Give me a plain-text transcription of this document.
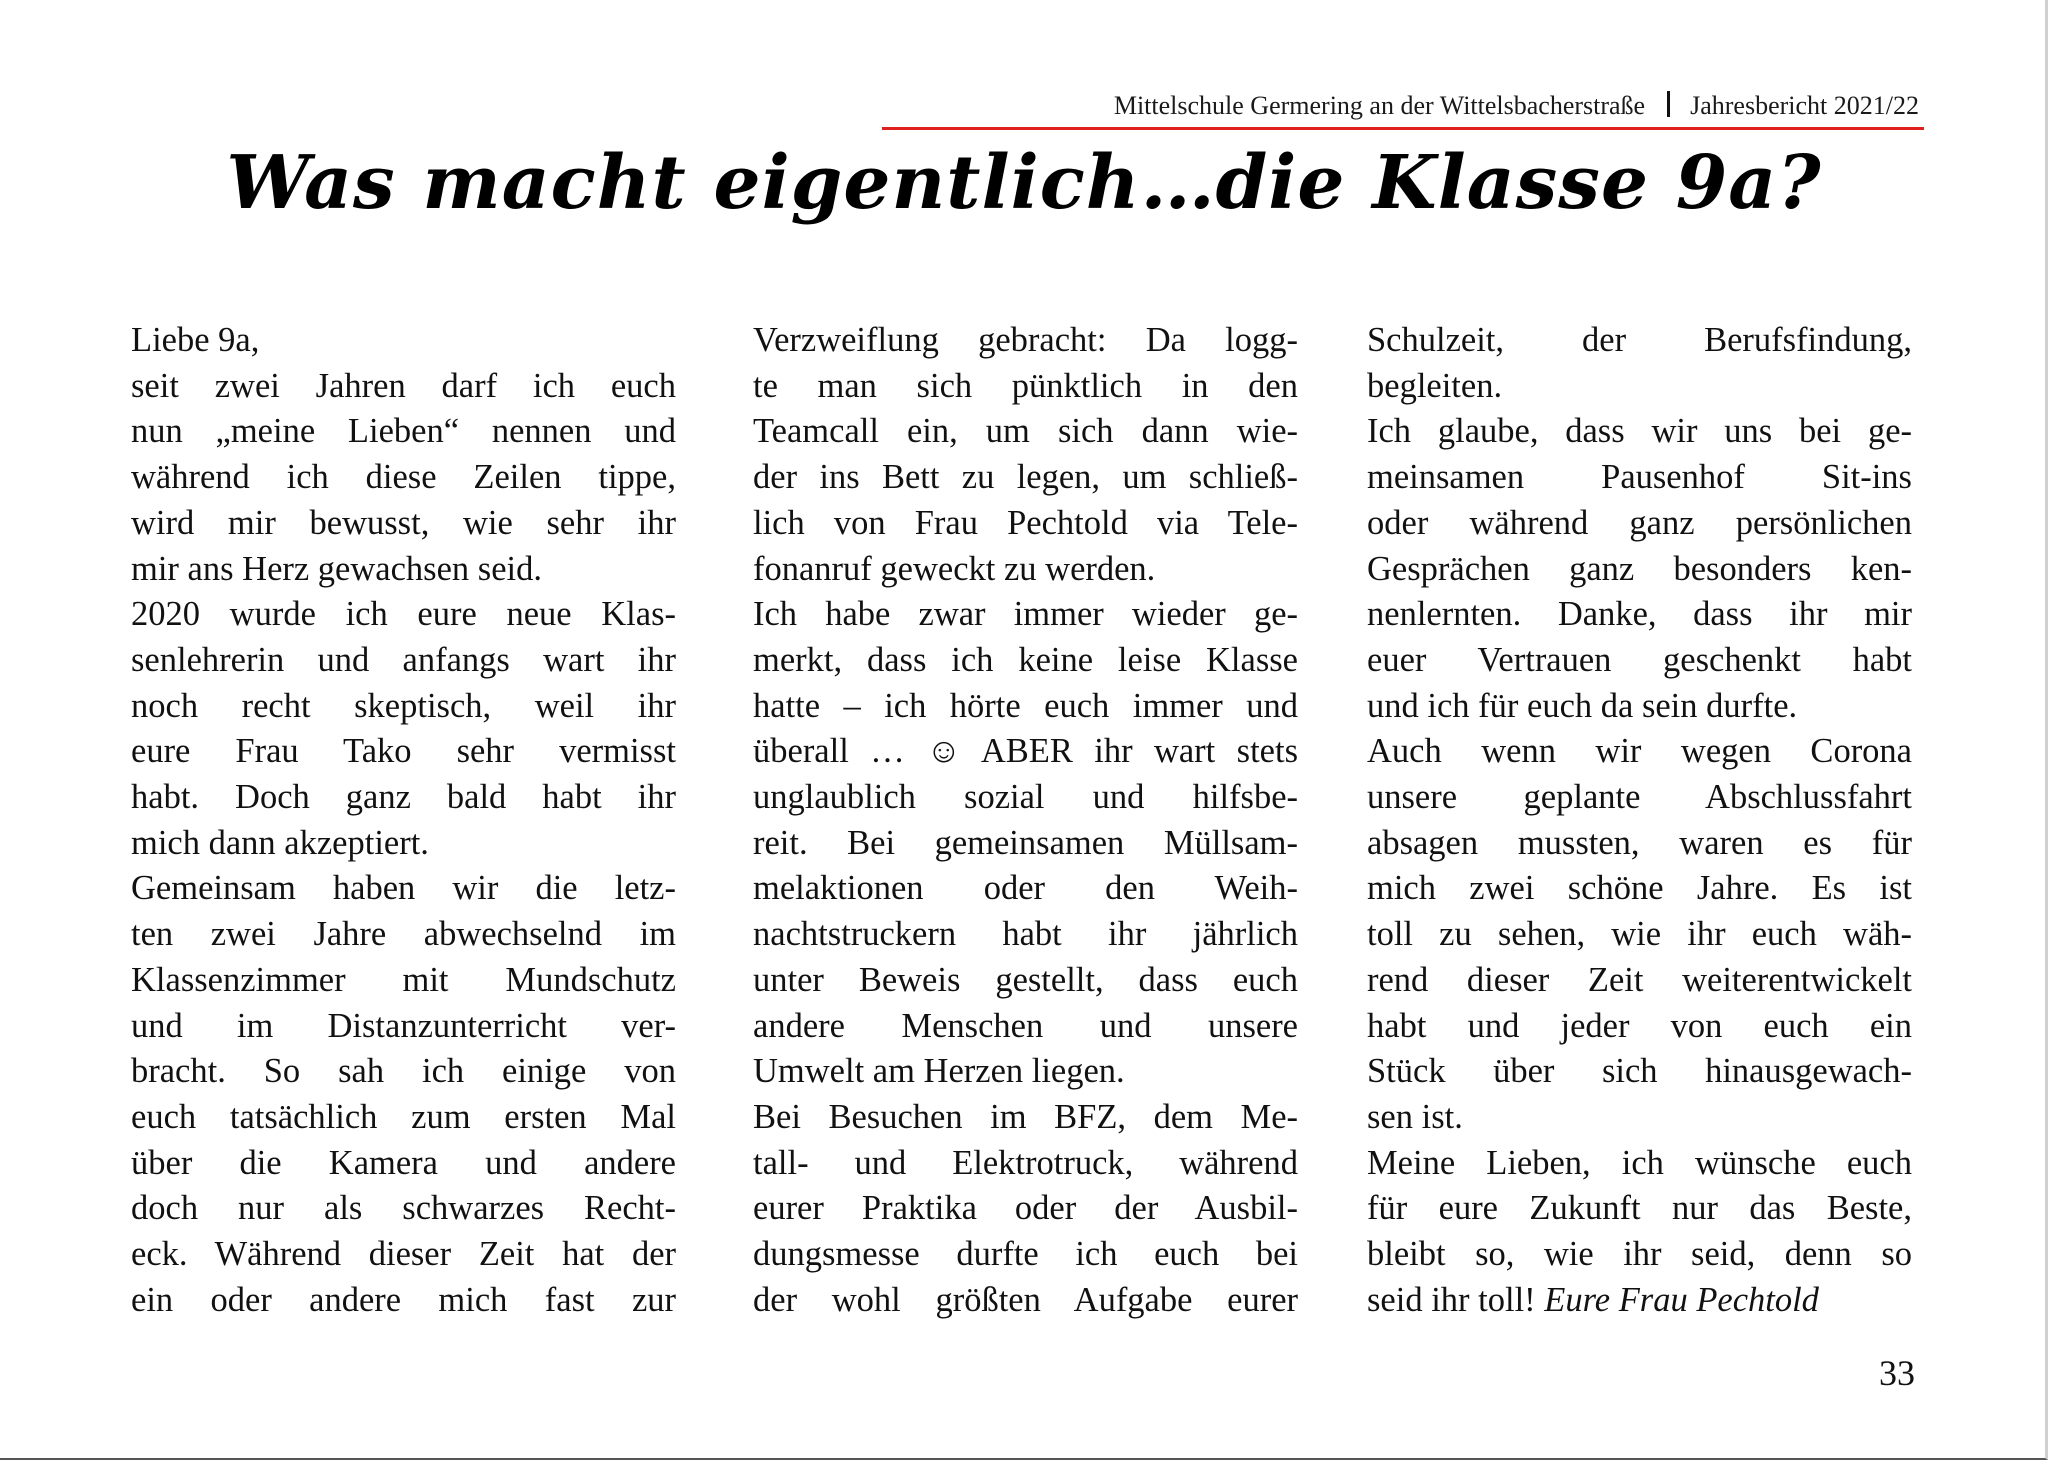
Mittelschule Germering an der Wittelsbacherstraße Jahresbericht 2021/22
Was macht eigentlich…die Klasse 9a?
Liebe 9a,
seit zwei Jahren darf ich euch
nun „meine Lieben“ nennen und
während ich diese Zeilen tippe,
wird mir bewusst, wie sehr ihr
mir ans Herz gewachsen seid.
2020 wurde ich eure neue Klas-
senlehrerin und anfangs wart ihr
noch recht skeptisch, weil ihr
eure Frau Tako sehr vermisst
habt. Doch ganz bald habt ihr
mich dann akzeptiert.
Gemeinsam haben wir die letz-
ten zwei Jahre abwechselnd im
Klassenzimmer mit Mundschutz
und im Distanzunterricht ver-
bracht. So sah ich einige von
euch tatsächlich zum ersten Mal
über die Kamera und andere
doch nur als schwarzes Recht-
eck. Während dieser Zeit hat der
ein oder andere mich fast zur
Verzweiflung gebracht: Da logg-
te man sich pünktlich in den
Teamcall ein, um sich dann wie-
der ins Bett zu legen, um schließ-
lich von Frau Pechtold via Tele-
fonanruf geweckt zu werden.
Ich habe zwar immer wieder ge-
merkt, dass ich keine leise Klasse
hatte – ich hörte euch immer und
überall … ☺ ABER ihr wart stets
unglaublich sozial und hilfsbe-
reit. Bei gemeinsamen Müllsam-
melaktionen oder den Weih-
nachtstruckern habt ihr jährlich
unter Beweis gestellt, dass euch
andere Menschen und unsere
Umwelt am Herzen liegen.
Bei Besuchen im BFZ, dem Me-
tall- und Elektrotruck, während
eurer Praktika oder der Ausbil-
dungsmesse durfte ich euch bei
der wohl größten Aufgabe eurer
Schulzeit, der Berufsfindung,
begleiten.
Ich glaube, dass wir uns bei ge-
meinsamen Pausenhof Sit-ins
oder während ganz persönlichen
Gesprächen ganz besonders ken-
nenlernten. Danke, dass ihr mir
euer Vertrauen geschenkt habt
und ich für euch da sein durfte.
Auch wenn wir wegen Corona
unsere geplante Abschlussfahrt
absagen mussten, waren es für
mich zwei schöne Jahre. Es ist
toll zu sehen, wie ihr euch wäh-
rend dieser Zeit weiterentwickelt
habt und jeder von euch ein
Stück über sich hinausgewach-
sen ist.
Meine Lieben, ich wünsche euch
für eure Zukunft nur das Beste,
bleibt so, wie ihr seid, denn so
seid ihr toll! Eure Frau Pechtold
33
